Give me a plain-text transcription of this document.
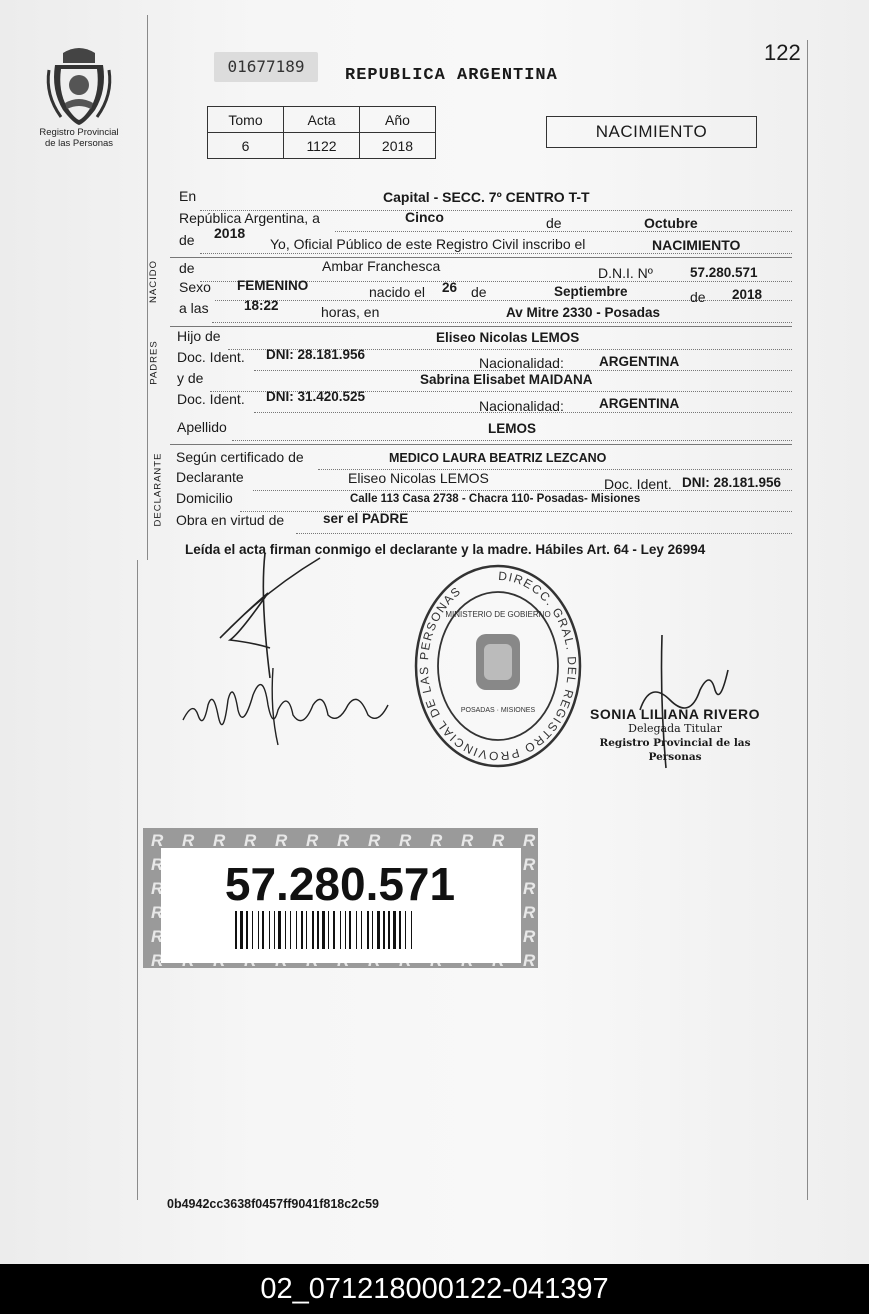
Registro Provincial
de las Personas
01677189	REPUBLICA ARGENTINA
122
Tomo	Acta	Año
6	1122	2018
NACIMIENTO
NACIDO
PADRES
DECLARANTE
En	Capital - SECC. 7º CENTRO T-T
República Argentina, a	Cinco	de	Octubre
de 2018
Yo, Oficial Público de este Registro Civil inscribo el	NACIMIENTO
de	Ambar Franchesca	D.N.I. Nº	57.280.571
Sexo FEMENINO	nacido el 26 de	Septiembre	de 2018
a las	18:22	horas, en	Av Mitre 2330 - Posadas
Hijo de	Eliseo Nicolas LEMOS
Doc. Ident. DNI: 28.181.956
Nacionalidad:	ARGENTINA
y de	Sabrina Elisabet MAIDANA
Doc. Ident. DNI: 31.420.525
Nacionalidad:	ARGENTINA
Apellido	LEMOS
Según certificado de	MEDICO LAURA BEATRIZ LEZCANO
Declarante	Eliseo Nicolas LEMOS	Doc. Ident. DNI: 28.181.956
Domicilio	Calle 113 Casa 2738 - Chacra 110- Posadas- Misiones
Obra en virtud de	ser el PADRE
Leída el acta firman conmigo el declarante y la madre. Hábiles Art. 64 - Ley 26994
DIRECC. GRAL. DEL REGISTRO PROVINCIAL DE LAS PERSONAS
MINISTERIO DE GOBIERNO
POSADAS · MISIONES	SONIA LILIANA RIVERO
Delegada Titular
Registro Provincial de las Personas
57.280.571
0b4942cc3638f0457ff9041f818c2c59
02_071218000122-041397
